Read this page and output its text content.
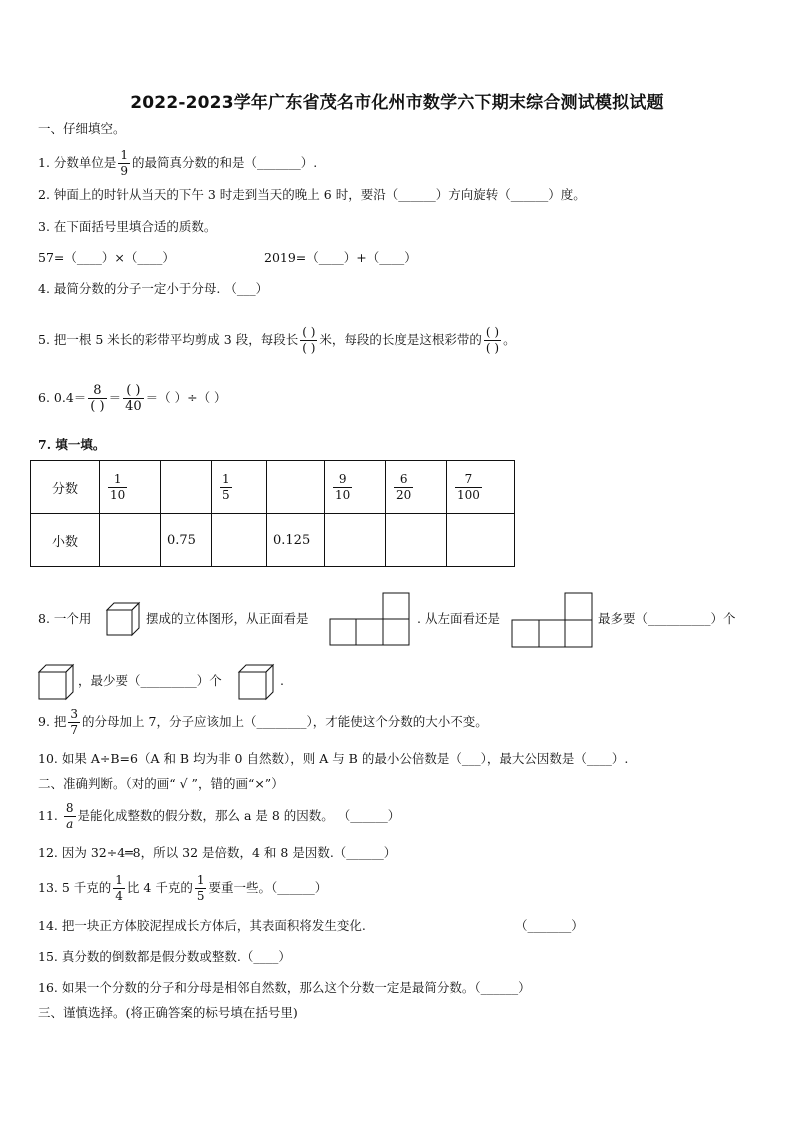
2022-2023学年广东省茂名市化州市数学六下期末综合测试模拟试题
一、仔细填空。
1. 分数单位是 $\frac{1}{9}$ 的最简真分数的和是（_______）.
2. 钟面上的时针从当天的下午 3 时走到当天的晚上 6 时，要沿（______）方向旋转（______）度。
3. 在下面括号里填合适的质数。
57=（____）×（____）	2019=（____）+（____）
4. 最简分数的分子一定小于分母. （___）
5. 把一根 5 米长的彩带平均剪成 3 段，每段长 $\frac{( )}{( )}$ 米，每段的长度是这根彩带的 $\frac{( )}{( )}$ 。
6. $0.4= \frac{8}{( )} = \frac{( )}{40}$ ＝（ ）÷（ ）
7. 填一填。
分数	$\frac{1}{10}$		$\frac{1}{5}$		$\frac{9}{10}$	$\frac{6}{20}$	$\frac{7}{100}$

小数		0.75		0.125			
8. 一个用	摆成的立体图形，从正面看是	. 从左面看还是	最多要（__________）个
，最少要（_________）个	.
9. 把 $\frac{3}{7}$ 的分母加上 7，分子应该加上（________），才能使这个分数的大小不变。
10. 如果 A÷B=6（A 和 B 均为非 0 自然数），则 A 与 B 的最小公倍数是（___），最大公因数是（____）.
二、准确判断。（对的画“ √ ”，错的画“×”）
11. $\frac{8}{a}$ 是能化成整数的假分数，那么 a 是 8 的因数。 （______）
12. 因为 32÷4═8，所以 32 是倍数，4 和 8 是因数.（______）
13. 5 千克的 $\frac{1}{4}$ 比 4 千克的 $\frac{1}{5}$ 要重一些。（______）
14. 把一块正方体胶泥捏成长方体后，其表面积将发生变化.	（_______）
15. 真分数的倒数都是假分数或整数.（____）
16. 如果一个分数的分子和分母是相邻自然数，那么这个分数一定是最简分数。（______）
三、谨慎选择。(将正确答案的标号填在括号里)
